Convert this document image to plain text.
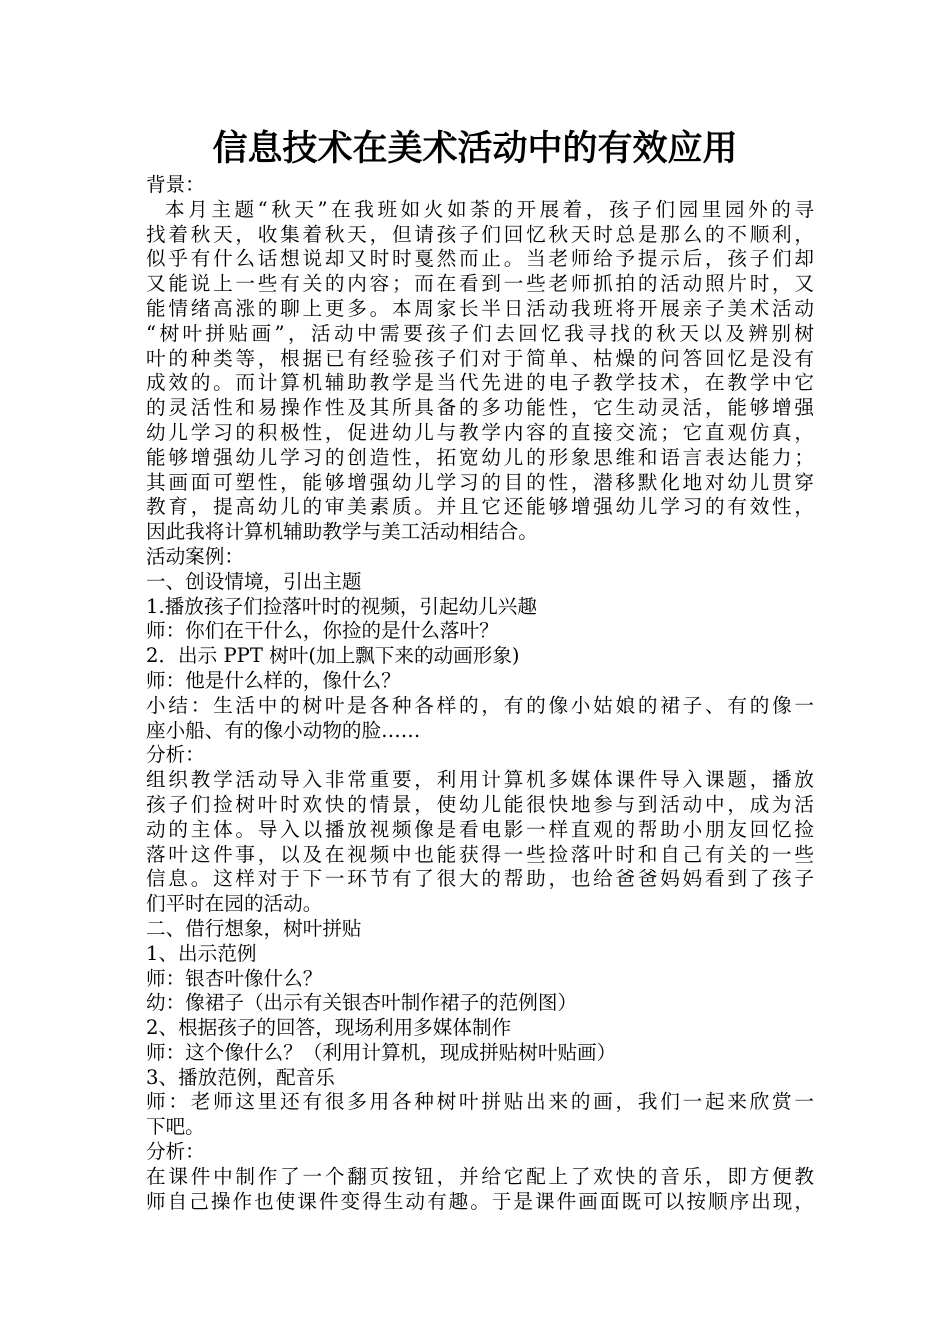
信息技术在美术活动中的有效应用
背景：
本月主题“秋天”在我班如火如荼的开展着，孩子们园里园外的寻
找着秋天，收集着秋天，但请孩子们回忆秋天时总是那么的不顺利，
似乎有什么话想说却又时时戛然而止。当老师给予提示后，孩子们却
又能说上一些有关的内容；而在看到一些老师抓拍的活动照片时，又
能情绪高涨的聊上更多。本周家长半日活动我班将开展亲子美术活动
“树叶拼贴画”，活动中需要孩子们去回忆我寻找的秋天以及辨别树
叶的种类等，根据已有经验孩子们对于简单、枯燥的问答回忆是没有
成效的。而计算机辅助教学是当代先进的电子教学技术，在教学中它
的灵活性和易操作性及其所具备的多功能性，它生动灵活，能够增强
幼儿学习的积极性，促进幼儿与教学内容的直接交流；它直观仿真，
能够增强幼儿学习的创造性，拓宽幼儿的形象思维和语言表达能力；
其画面可塑性，能够增强幼儿学习的目的性，潜移默化地对幼儿贯穿
教育，提高幼儿的审美素质。并且它还能够增强幼儿学习的有效性，
因此我将计算机辅助教学与美工活动相结合。
活动案例：
一、创设情境，引出主题
1.播放孩子们捡落叶时的视频，引起幼儿兴趣
师：你们在干什么，你捡的是什么落叶？
2．出示 PPT 树叶(加上飘下来的动画形象)
师：他是什么样的，像什么？
小结：生活中的树叶是各种各样的，有的像小姑娘的裙子、有的像一
座小船、有的像小动物的脸……
分析：
组织教学活动导入非常重要，利用计算机多媒体课件导入课题，播放
孩子们捡树叶时欢快的情景，使幼儿能很快地参与到活动中，成为活
动的主体。导入以播放视频像是看电影一样直观的帮助小朋友回忆捡
落叶这件事，以及在视频中也能获得一些捡落叶时和自己有关的一些
信息。这样对于下一环节有了很大的帮助，也给爸爸妈妈看到了孩子
们平时在园的活动。
二、借行想象，树叶拼贴
1、出示范例
师：银杏叶像什么？
幼：像裙子（出示有关银杏叶制作裙子的范例图）
2、根据孩子的回答，现场利用多媒体制作
师：这个像什么？（利用计算机，现成拼贴树叶贴画）
3、播放范例，配音乐
师：老师这里还有很多用各种树叶拼贴出来的画，我们一起来欣赏一
下吧。
分析：
在课件中制作了一个翻页按钮，并给它配上了欢快的音乐，即方便教
师自己操作也使课件变得生动有趣。于是课件画面既可以按顺序出现，
